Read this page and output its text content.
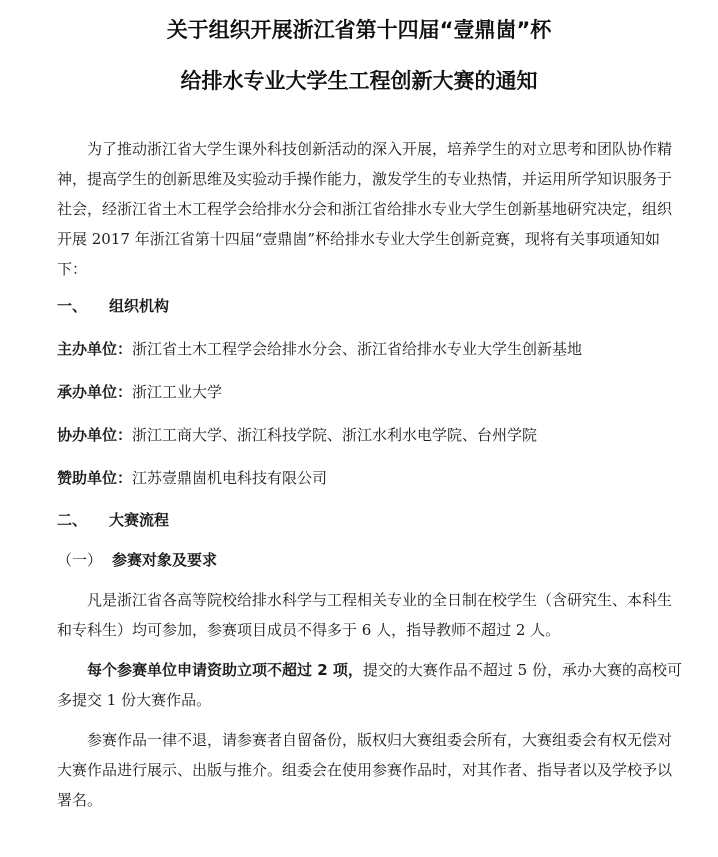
关于组织开展浙江省第十四届“壹鼎崮”杯
给排水专业大学生工程创新大赛的通知

为了推动浙江省大学生课外科技创新活动的深入开展，培养学生的对立思考和团队协作精神，提高学生的创新思维及实验动手操作能力，激发学生的专业热情，并运用所学知识服务于社会，经浙江省土木工程学会给排水分会和浙江省给排水专业大学生创新基地研究决定，组织开展 2017 年浙江省第十四届“壹鼎崮”杯给排水专业大学生创新竞赛，现将有关事项通知如下：

一、 组织机构

主办单位：浙江省土木工程学会给排水分会、浙江省给排水专业大学生创新基地

承办单位：浙江工业大学

协办单位：浙江工商大学、浙江科技学院、浙江水利水电学院、台州学院

赞助单位：江苏壹鼎崮机电科技有限公司

二、 大赛流程
（一） 参赛对象及要求

凡是浙江省各高等院校给排水科学与工程相关专业的全日制在校学生（含研究生、本科生和专科生）均可参加，参赛项目成员不得多于 6 人，指导教师不超过 2 人。

每个参赛单位申请资助立项不超过 2 项，提交的大赛作品不超过 5 份，承办大赛的高校可多提交 1 份大赛作品。

参赛作品一律不退，请参赛者自留备份，版权归大赛组委会所有，大赛组委会有权无偿对大赛作品进行展示、出版与推介。组委会在使用参赛作品时，对其作者、指导者以及学校予以署名。
